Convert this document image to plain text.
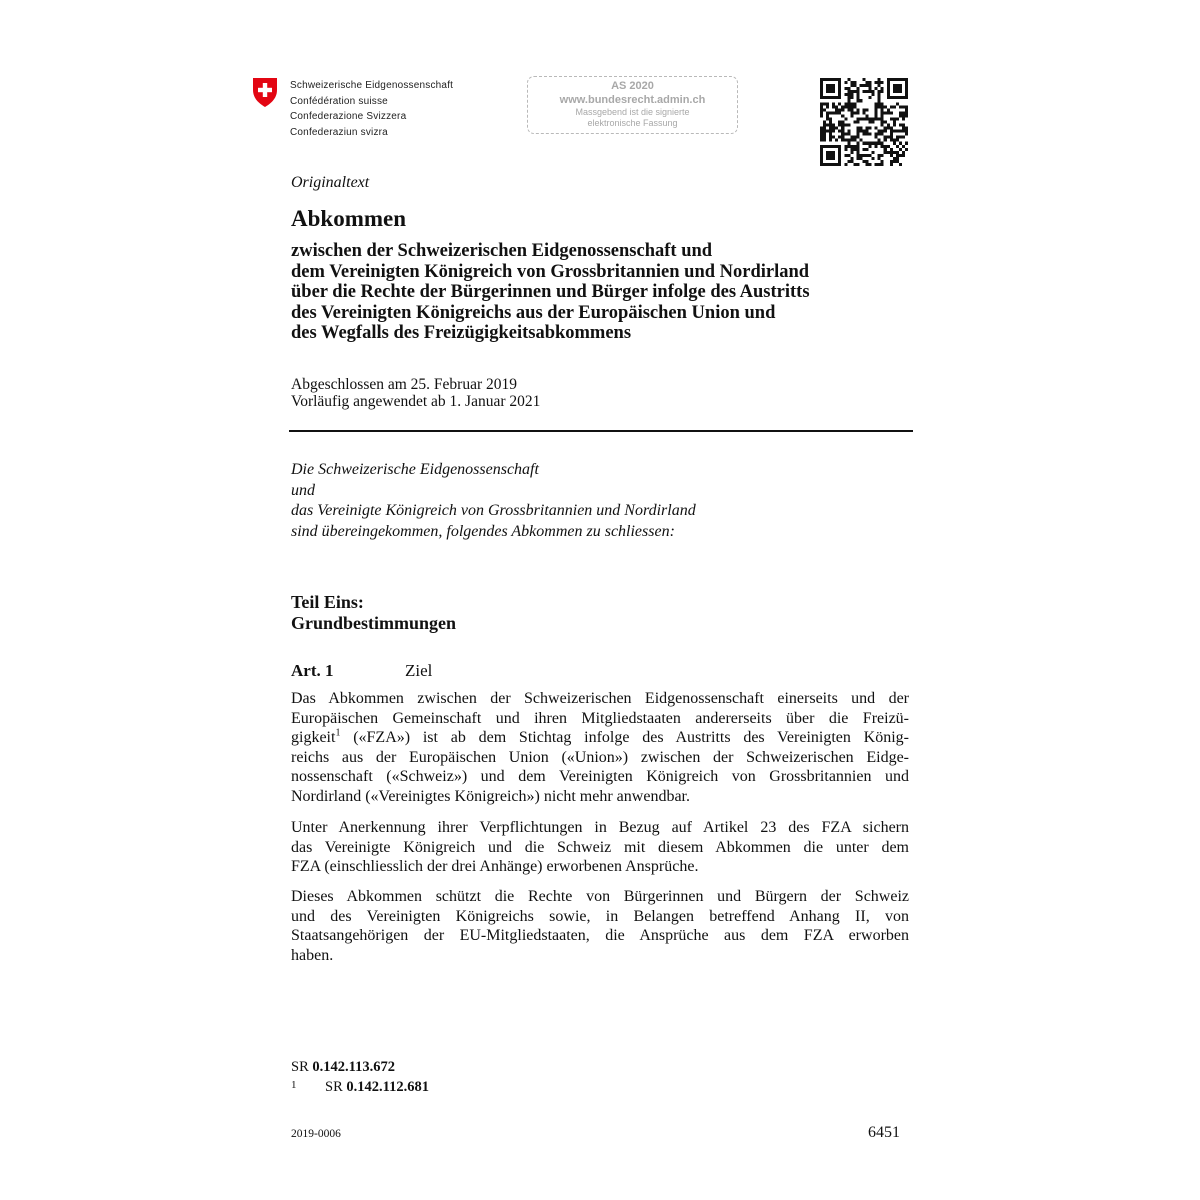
Schweizerische Eidgenossenschaft
Confédération suisse
Confederazione Svizzera
Confederaziun svizra
AS 2020
www.bundesrecht.admin.ch
Massgebend ist die signierte
elektronische Fassung
Originaltext
Abkommen
zwischen der Schweizerischen Eidgenossenschaft und
dem Vereinigten Königreich von Grossbritannien und Nordirland
über die Rechte der Bürgerinnen und Bürger infolge des Austritts
des Vereinigten Königreichs aus der Europäischen Union und
des Wegfalls des Freizügigkeitsabkommens
Abgeschlossen am 25. Februar 2019
Vorläufig angewendet ab 1. Januar 2021
Die Schweizerische Eidgenossenschaft
und
das Vereinigte Königreich von Grossbritannien und Nordirland
sind übereingekommen, folgendes Abkommen zu schliessen:
Teil Eins:
Grundbestimmungen
Art. 1	Ziel
Das Abkommen zwischen der Schweizerischen Eidgenossenschaft einerseits und der
Europäischen Gemeinschaft und ihren Mitgliedstaaten andererseits über die Freizü-
gigkeit$^1$ («FZA») ist ab dem Stichtag infolge des Austritts des Vereinigten König-
reichs aus der Europäischen Union («Union») zwischen der Schweizerischen Eidge-
nossenschaft («Schweiz») und dem Vereinigten Königreich von Grossbritannien und
Nordirland («Vereinigtes Königreich») nicht mehr anwendbar.
Unter Anerkennung ihrer Verpflichtungen in Bezug auf Artikel 23 des FZA sichern
das Vereinigte Königreich und die Schweiz mit diesem Abkommen die unter dem
FZA (einschliesslich der drei Anhänge) erworbenen Ansprüche.
Dieses Abkommen schützt die Rechte von Bürgerinnen und Bürgern der Schweiz
und des Vereinigten Königreichs sowie, in Belangen betreffend Anhang II, von
Staatsangehörigen der EU-Mitgliedstaaten, die Ansprüche aus dem FZA erworben
haben.
SR 0.142.113.672
1 SR 0.142.112.681
2019-0006	6451
